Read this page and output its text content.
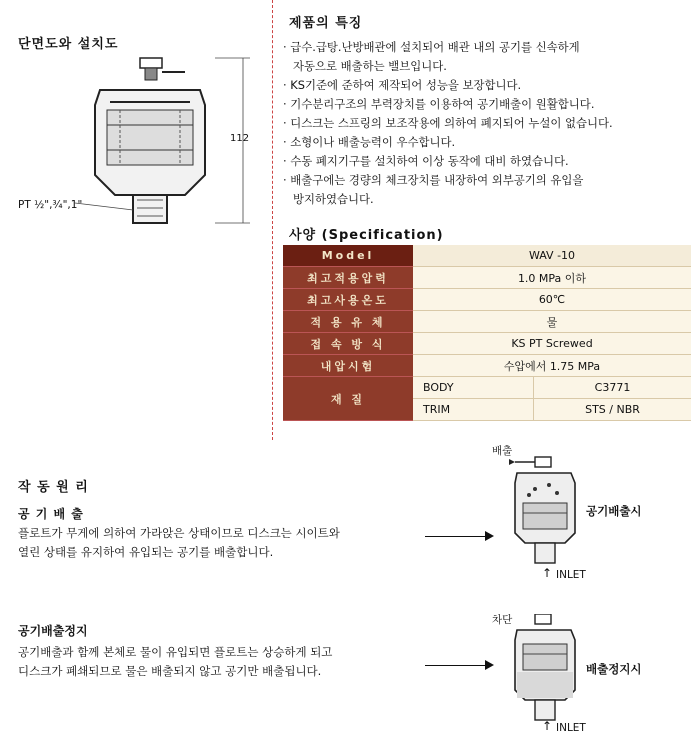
단면도와 설치도
112
PT ½",¾",1"
제품의 특징
· 급수.급탕.난방배관에 설치되어 배관 내의 공기를 신속하게
자동으로 배출하는 밸브입니다.
· KS기준에 준하여 제작되어 성능을 보장합니다.
· 기수분리구조의 부력장치를 이용하여 공기배출이 원활합니다.
· 디스크는 스프링의 보조작용에 의하여 폐지되어 누설이 없습니다.
· 소형이나 배출능력이 우수합니다.
· 수동 폐지기구를 설치하여 이상 동작에 대비 하였습니다.
· 배출구에는 경량의 체크장치를 내장하여 외부공기의 유입을
방지하였습니다.
사양 (Specification)
Model	WAV -10	
최고적용압력	1.0 MPa 이하	
최고사용온도	60℃	
적 용 유 체	물	
접 속 방 식	KS PT Screwed	
내압시험	수압에서 1.75 MPa	
재 질	BODY	C3771
	TRIM	STS / NBR
작 동 원 리
공 기 배 출
플로트가 무게에 의하여 가라앉은 상태이므로 디스크는 시이트와
열린 상태를 유지하여 유입되는 공기를 배출합니다.
배출
공기배출시
↑ INLET
공기배출정지
공기배출과 함께 본체로 물이 유입되면 플로트는 상승하게 되고
디스크가 폐쇄되므로 물은 배출되지 않고 공기만 배출됩니다.
차단
배출정지시
↑ INLET
